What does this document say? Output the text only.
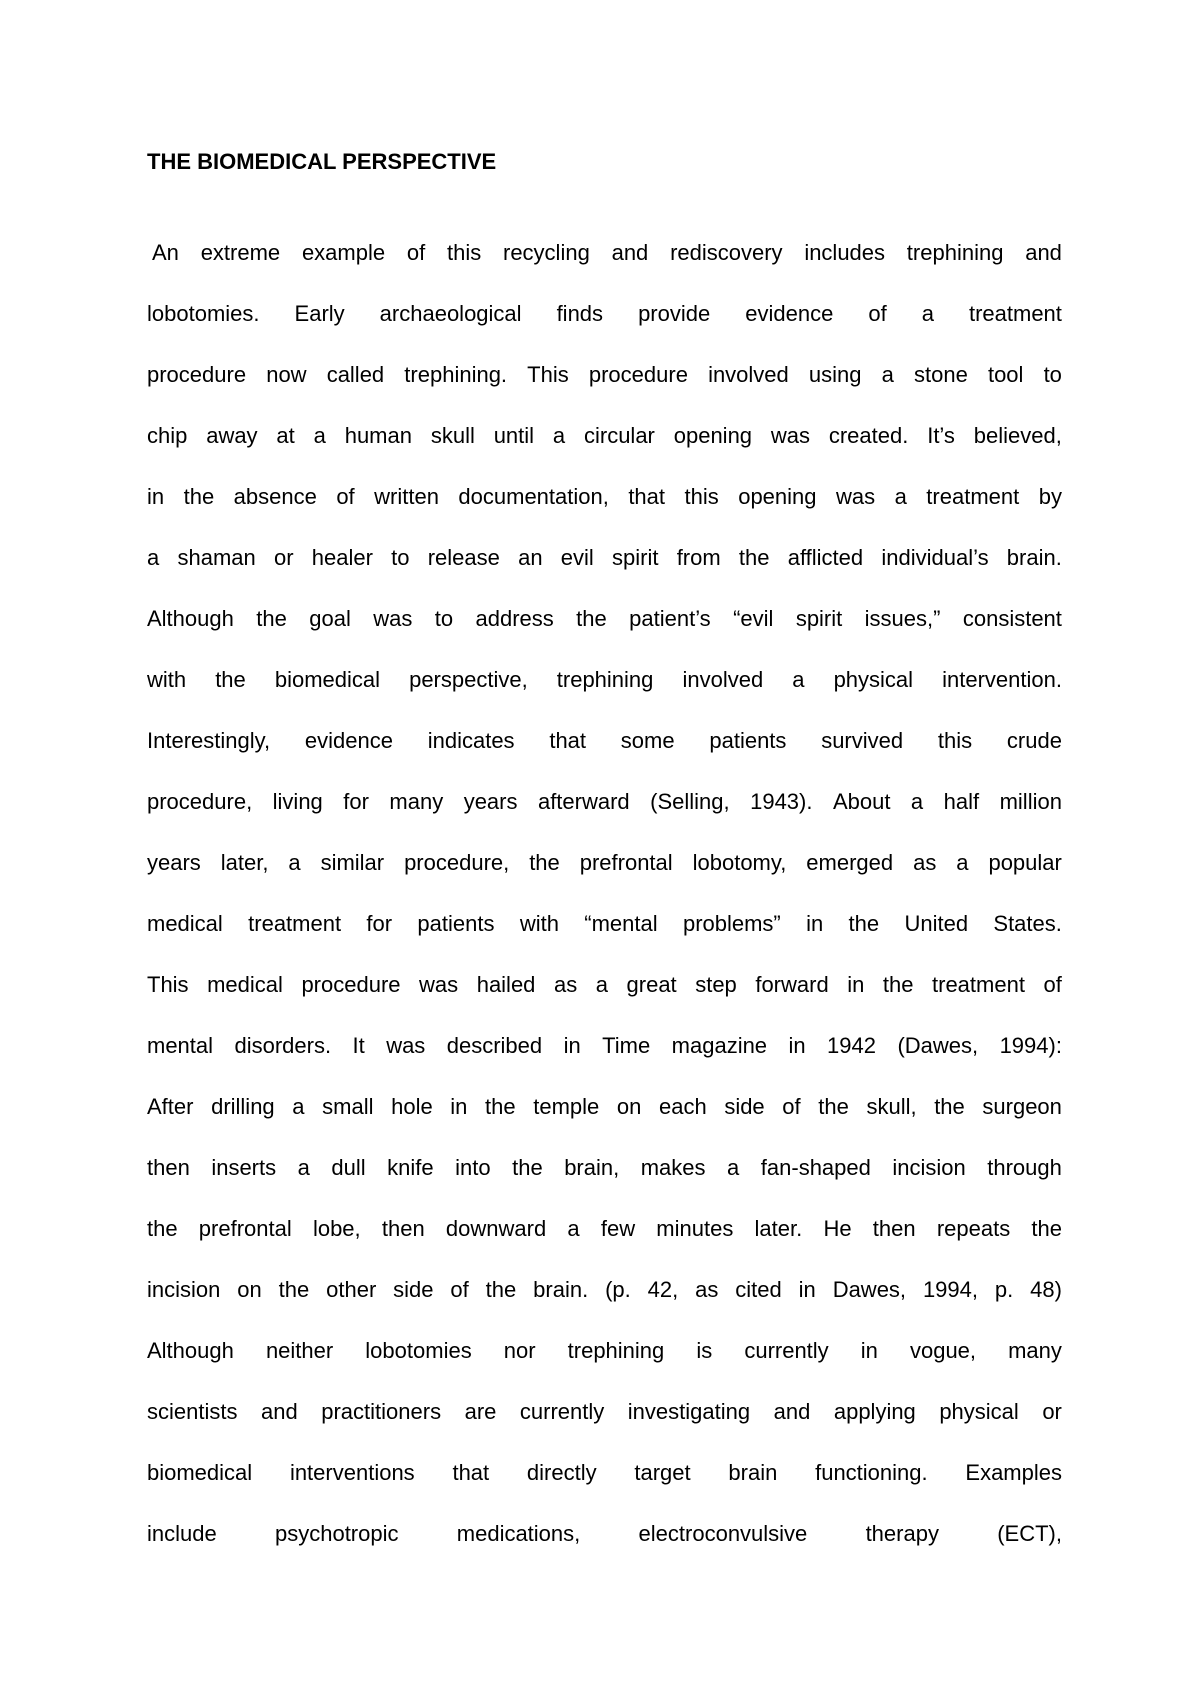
THE BIOMEDICAL PERSPECTIVE
An extreme example of this recycling and rediscovery includes trephining and
lobotomies. Early archaeological finds provide evidence of a treatment
procedure now called trephining. This procedure involved using a stone tool to
chip away at a human skull until a circular opening was created. It’s believed,
in the absence of written documentation, that this opening was a treatment by
a shaman or healer to release an evil spirit from the afflicted individual’s brain.
Although the goal was to address the patient’s “evil spirit issues,” consistent
with the biomedical perspective, trephining involved a physical intervention.
Interestingly, evidence indicates that some patients survived this crude
procedure, living for many years afterward (Selling, 1943). About a half million
years later, a similar procedure, the prefrontal lobotomy, emerged as a popular
medical treatment for patients with “mental problems” in the United States.
This medical procedure was hailed as a great step forward in the treatment of
mental disorders. It was described in Time magazine in 1942 (Dawes, 1994):
After drilling a small hole in the temple on each side of the skull, the surgeon
then inserts a dull knife into the brain, makes a fan-shaped incision through
the prefrontal lobe, then downward a few minutes later. He then repeats the
incision on the other side of the brain. (p. 42, as cited in Dawes, 1994, p. 48)
Although neither lobotomies nor trephining is currently in vogue, many
scientists and practitioners are currently investigating and applying physical or
biomedical interventions that directly target brain functioning. Examples
include	psychotropic	medications,	electroconvulsive	therapy	(ECT),
